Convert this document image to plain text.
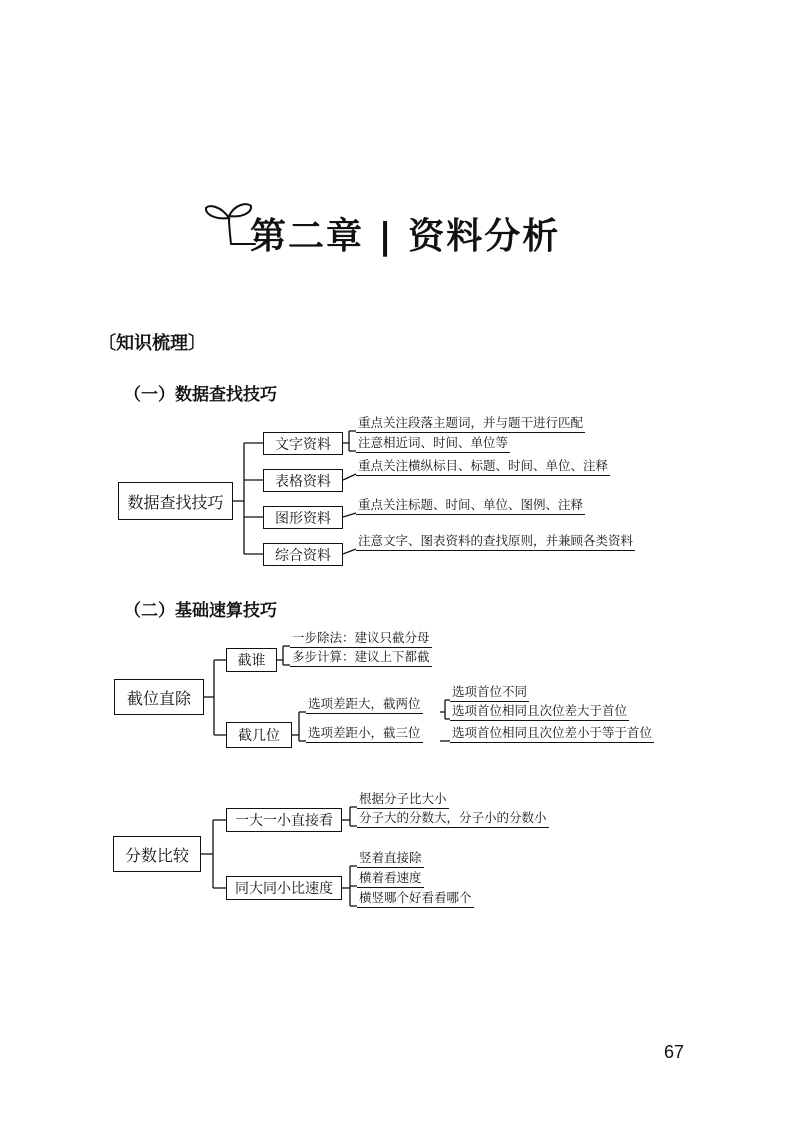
第二章 | 资料分析
〔知识梳理〕
（一）数据查找技巧
数据查找技巧
文字资料
表格资料
图形资料
综合资料
重点关注段落主题词，并与题干进行匹配
注意相近词、时间、单位等
重点关注横纵标目、标题、时间、单位、注释
重点关注标题、时间、单位、图例、注释
注意文字、图表资料的查找原则，并兼顾各类资料
（二）基础速算技巧
截位直除
截谁
截几位
一步除法：建议只截分母
多步计算：建议上下都截
选项差距大，截两位
选项差距小，截三位
选项首位不同
选项首位相同且次位差大于首位
选项首位相同且次位差小于等于首位
分数比较
一大一小直接看
同大同小比速度
根据分子比大小
分子大的分数大，分子小的分数小
竖着直接除
横着看速度
横竖哪个好看看哪个
67
